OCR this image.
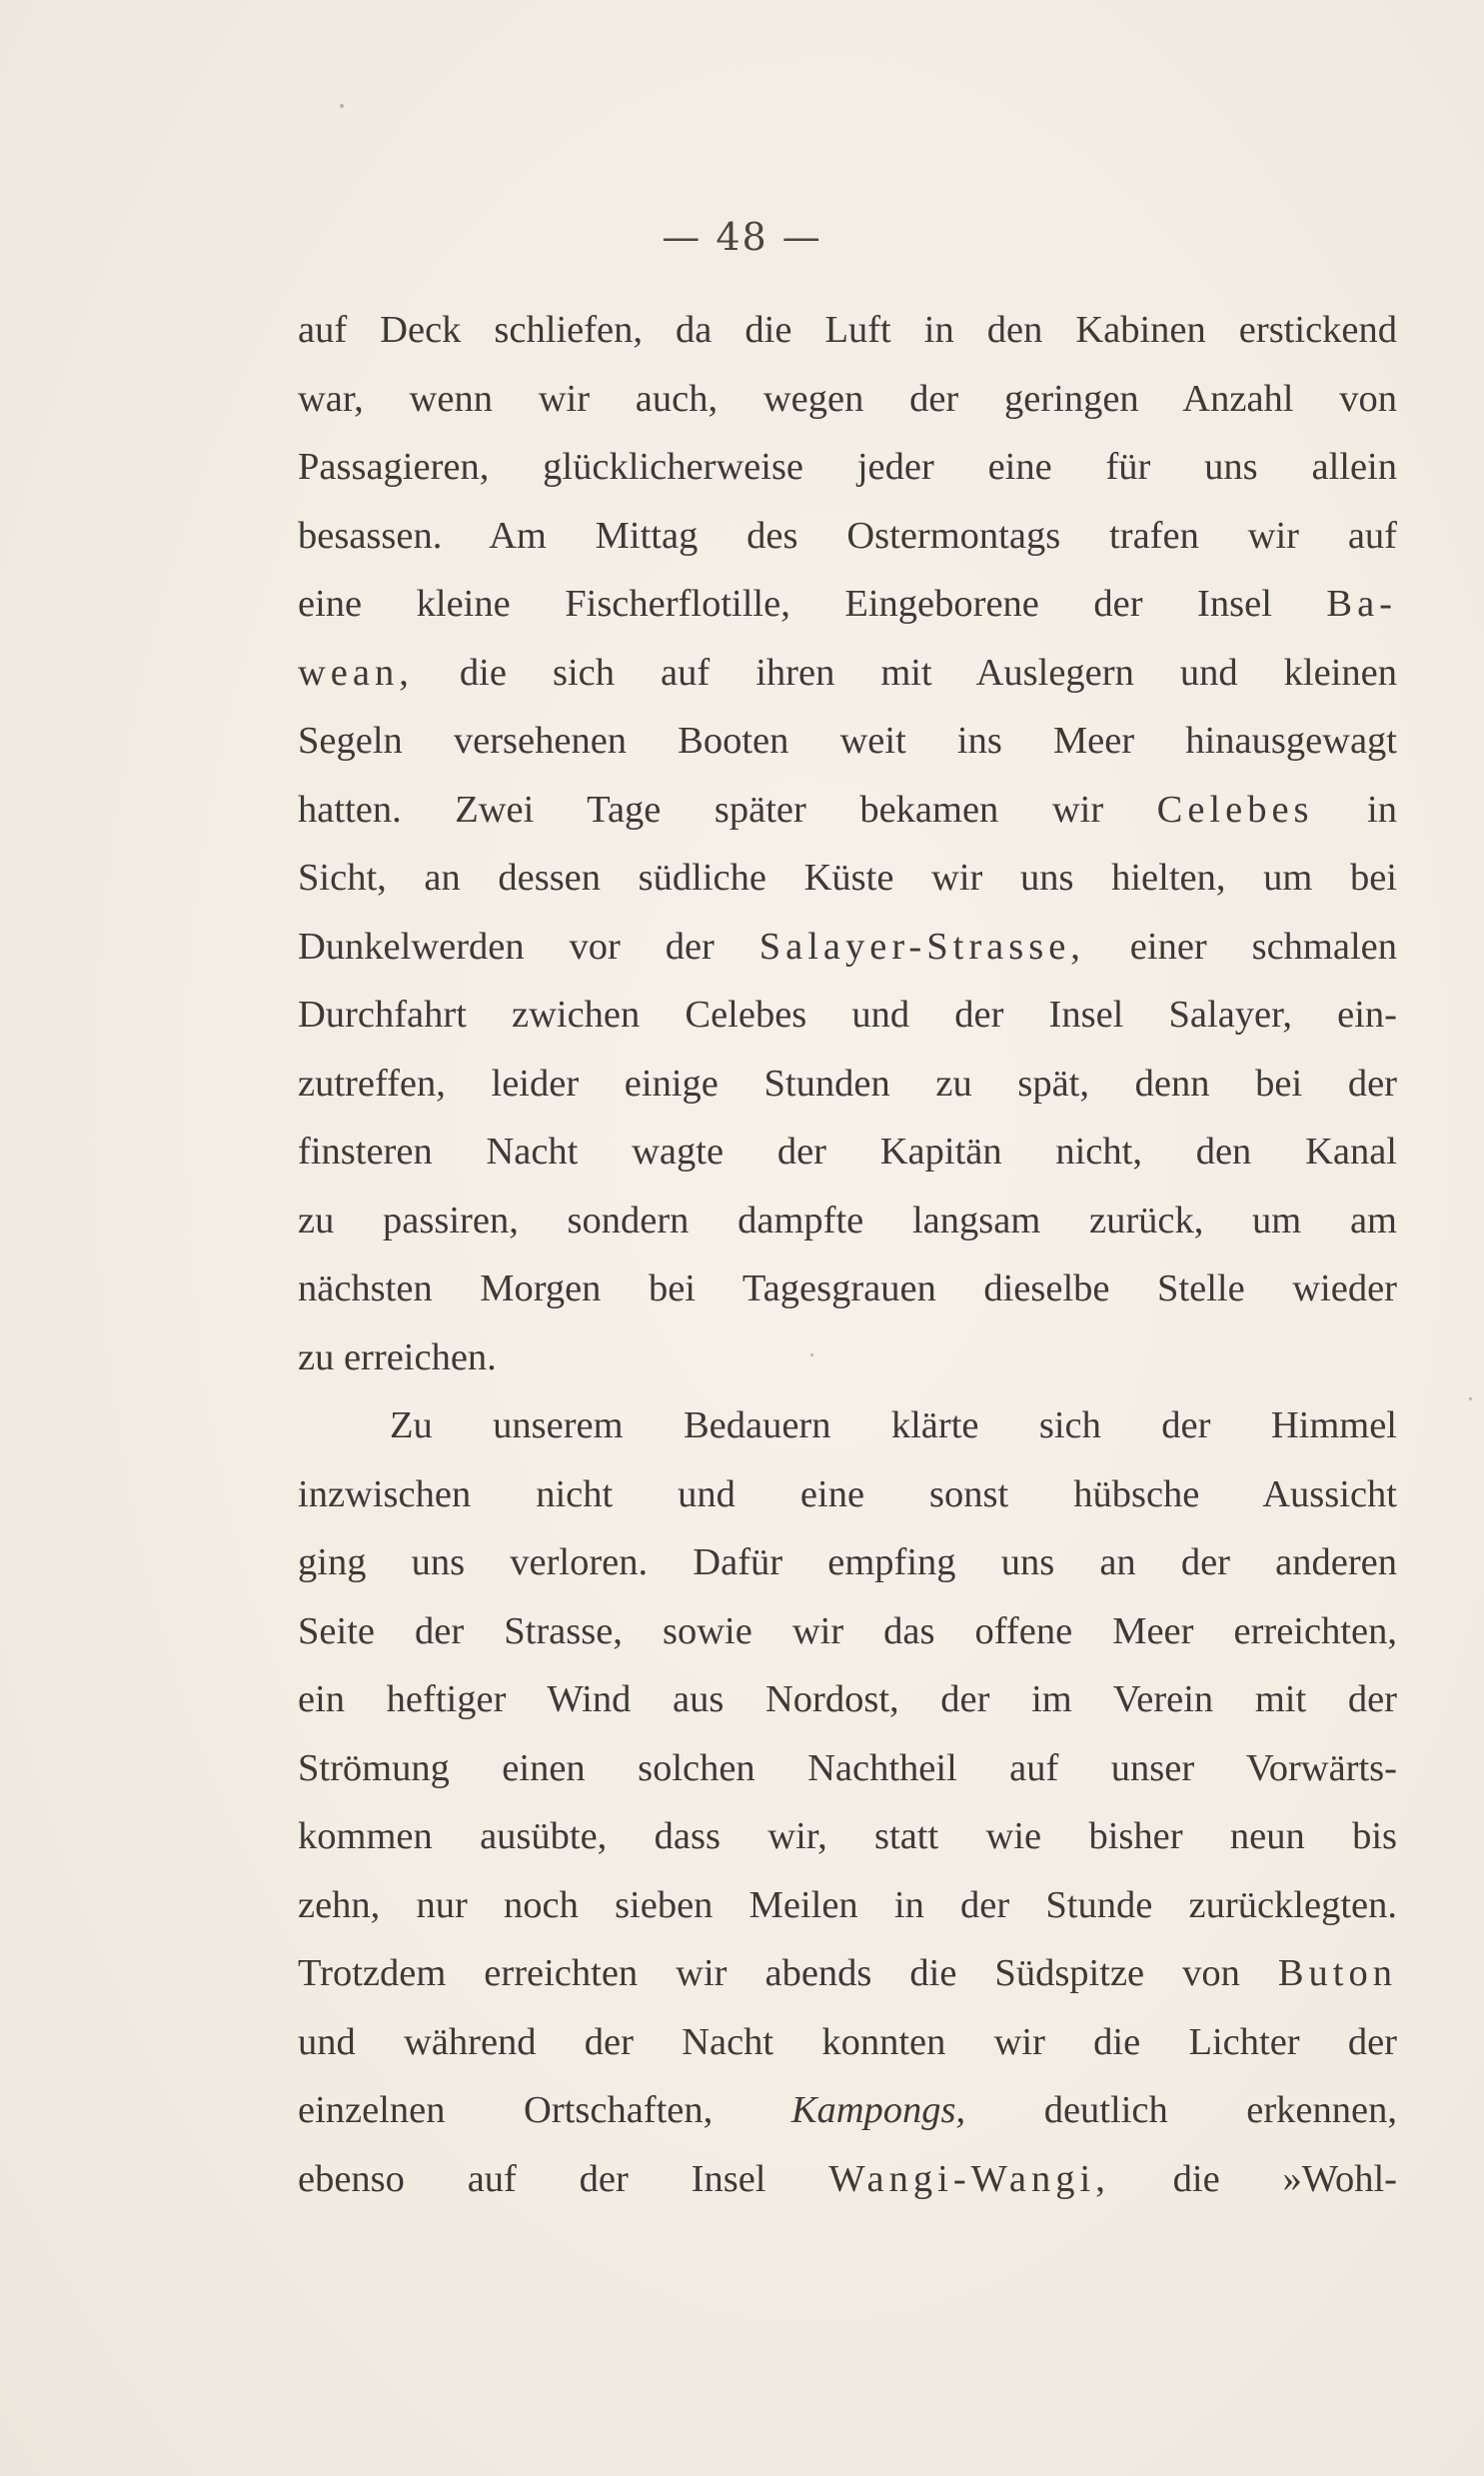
— 48 —
auf Deck schliefen, da die Luft in den Kabinen erstickend
war, wenn wir auch, wegen der geringen Anzahl von
Passagieren, glücklicherweise jeder eine für uns allein
besassen. Am Mittag des Ostermontags trafen wir auf
eine kleine Fischerflotille, Eingeborene der Insel Ba-
wean, die sich auf ihren mit Auslegern und kleinen
Segeln versehenen Booten weit ins Meer hinausgewagt
hatten. Zwei Tage später bekamen wir Celebes in
Sicht, an dessen südliche Küste wir uns hielten, um bei
Dunkelwerden vor der Salayer-Strasse, einer schmalen
Durchfahrt zwichen Celebes und der Insel Salayer, ein-
zutreffen, leider einige Stunden zu spät, denn bei der
finsteren Nacht wagte der Kapitän nicht, den Kanal
zu passiren, sondern dampfte langsam zurück, um am
nächsten Morgen bei Tagesgrauen dieselbe Stelle wieder
zu erreichen.
Zu unserem Bedauern klärte sich der Himmel
inzwischen nicht und eine sonst hübsche Aussicht
ging uns verloren. Dafür empfing uns an der anderen
Seite der Strasse, sowie wir das offene Meer erreichten,
ein heftiger Wind aus Nordost, der im Verein mit der
Strömung einen solchen Nachtheil auf unser Vorwärts-
kommen ausübte, dass wir, statt wie bisher neun bis
zehn, nur noch sieben Meilen in der Stunde zurücklegten.
Trotzdem erreichten wir abends die Südspitze von Buton
und während der Nacht konnten wir die Lichter der
einzelnen Ortschaften, Kampongs, deutlich erkennen,
ebenso auf der Insel Wangi-Wangi, die »Wohl-
